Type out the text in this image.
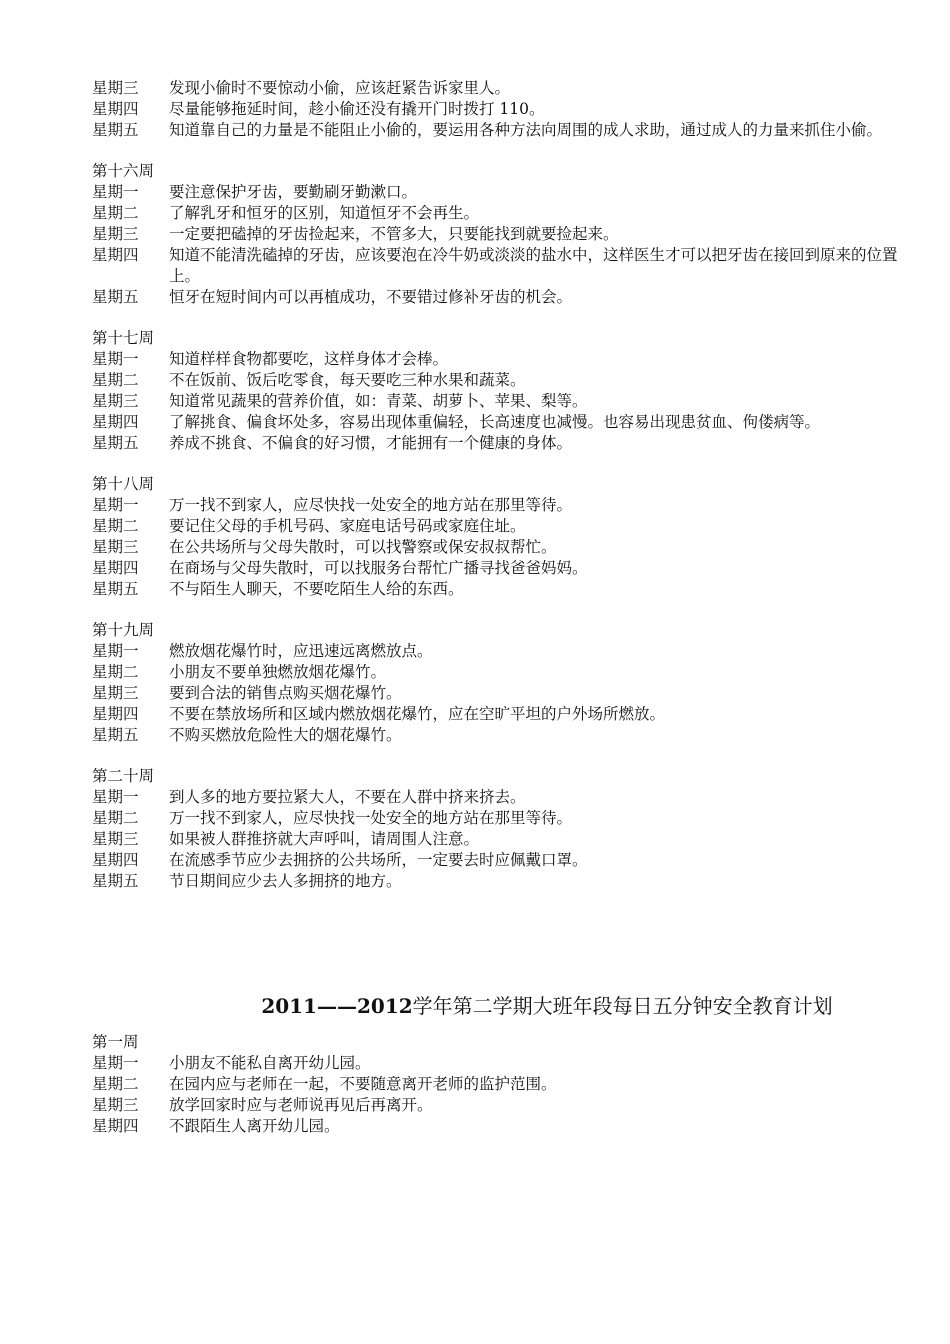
星期三	发现小偷时不要惊动小偷，应该赶紧告诉家里人。
星期四	尽量能够拖延时间，趁小偷还没有撬开门时拨打 110。
星期五 知道靠自己的力量是不能阻止小偷的，要运用各种方法向周围的成人求助，通过成人的力量来抓住小偷。
第十六周
星期一	要注意保护牙齿，要勤刷牙勤漱口。
星期二	了解乳牙和恒牙的区别，知道恒牙不会再生。
星期三	一定要把磕掉的牙齿捡起来，不管多大，只要能找到就要捡起来。
星期四	知道不能清洗磕掉的牙齿，应该要泡在冷牛奶或淡淡的盐水中，这样医生才可以把牙齿在接回到原来的位置上。
星期五	恒牙在短时间内可以再植成功，不要错过修补牙齿的机会。
第十七周
星期一	知道样样食物都要吃，这样身体才会棒。
星期二	不在饭前、饭后吃零食，每天要吃三种水果和蔬菜。
星期三	知道常见蔬果的营养价值，如：青菜、胡萝卜、苹果、梨等。
星期四 了解挑食、偏食坏处多，容易出现体重偏轻，长高速度也减慢。也容易出现患贫血、佝偻病等。
星期五	养成不挑食、不偏食的好习惯，才能拥有一个健康的身体。
第十八周
星期一	万一找不到家人，应尽快找一处安全的地方站在那里等待。
星期二	要记住父母的手机号码、家庭电话号码或家庭住址。
星期三	在公共场所与父母失散时，可以找警察或保安叔叔帮忙。
星期四	在商场与父母失散时，可以找服务台帮忙广播寻找爸爸妈妈。
星期五	不与陌生人聊天，不要吃陌生人给的东西。
第十九周
星期一	燃放烟花爆竹时，应迅速远离燃放点。
星期二	小朋友不要单独燃放烟花爆竹。
星期三	要到合法的销售点购买烟花爆竹。
星期四	不要在禁放场所和区域内燃放烟花爆竹，应在空旷平坦的户外场所燃放。
星期五	不购买燃放危险性大的烟花爆竹。
第二十周
星期一	到人多的地方要拉紧大人，不要在人群中挤来挤去。
星期二	万一找不到家人，应尽快找一处安全的地方站在那里等待。
星期三	如果被人群推挤就大声呼叫，请周围人注意。
星期四	在流感季节应少去拥挤的公共场所，一定要去时应佩戴口罩。
星期五	节日期间应少去人多拥挤的地方。
2011——2012学年第二学期大班年段每日五分钟安全教育计划
第一周
星期一	小朋友不能私自离开幼儿园。
星期二	在园内应与老师在一起，不要随意离开老师的监护范围。
星期三	放学回家时应与老师说再见后再离开。
星期四	不跟陌生人离开幼儿园。
